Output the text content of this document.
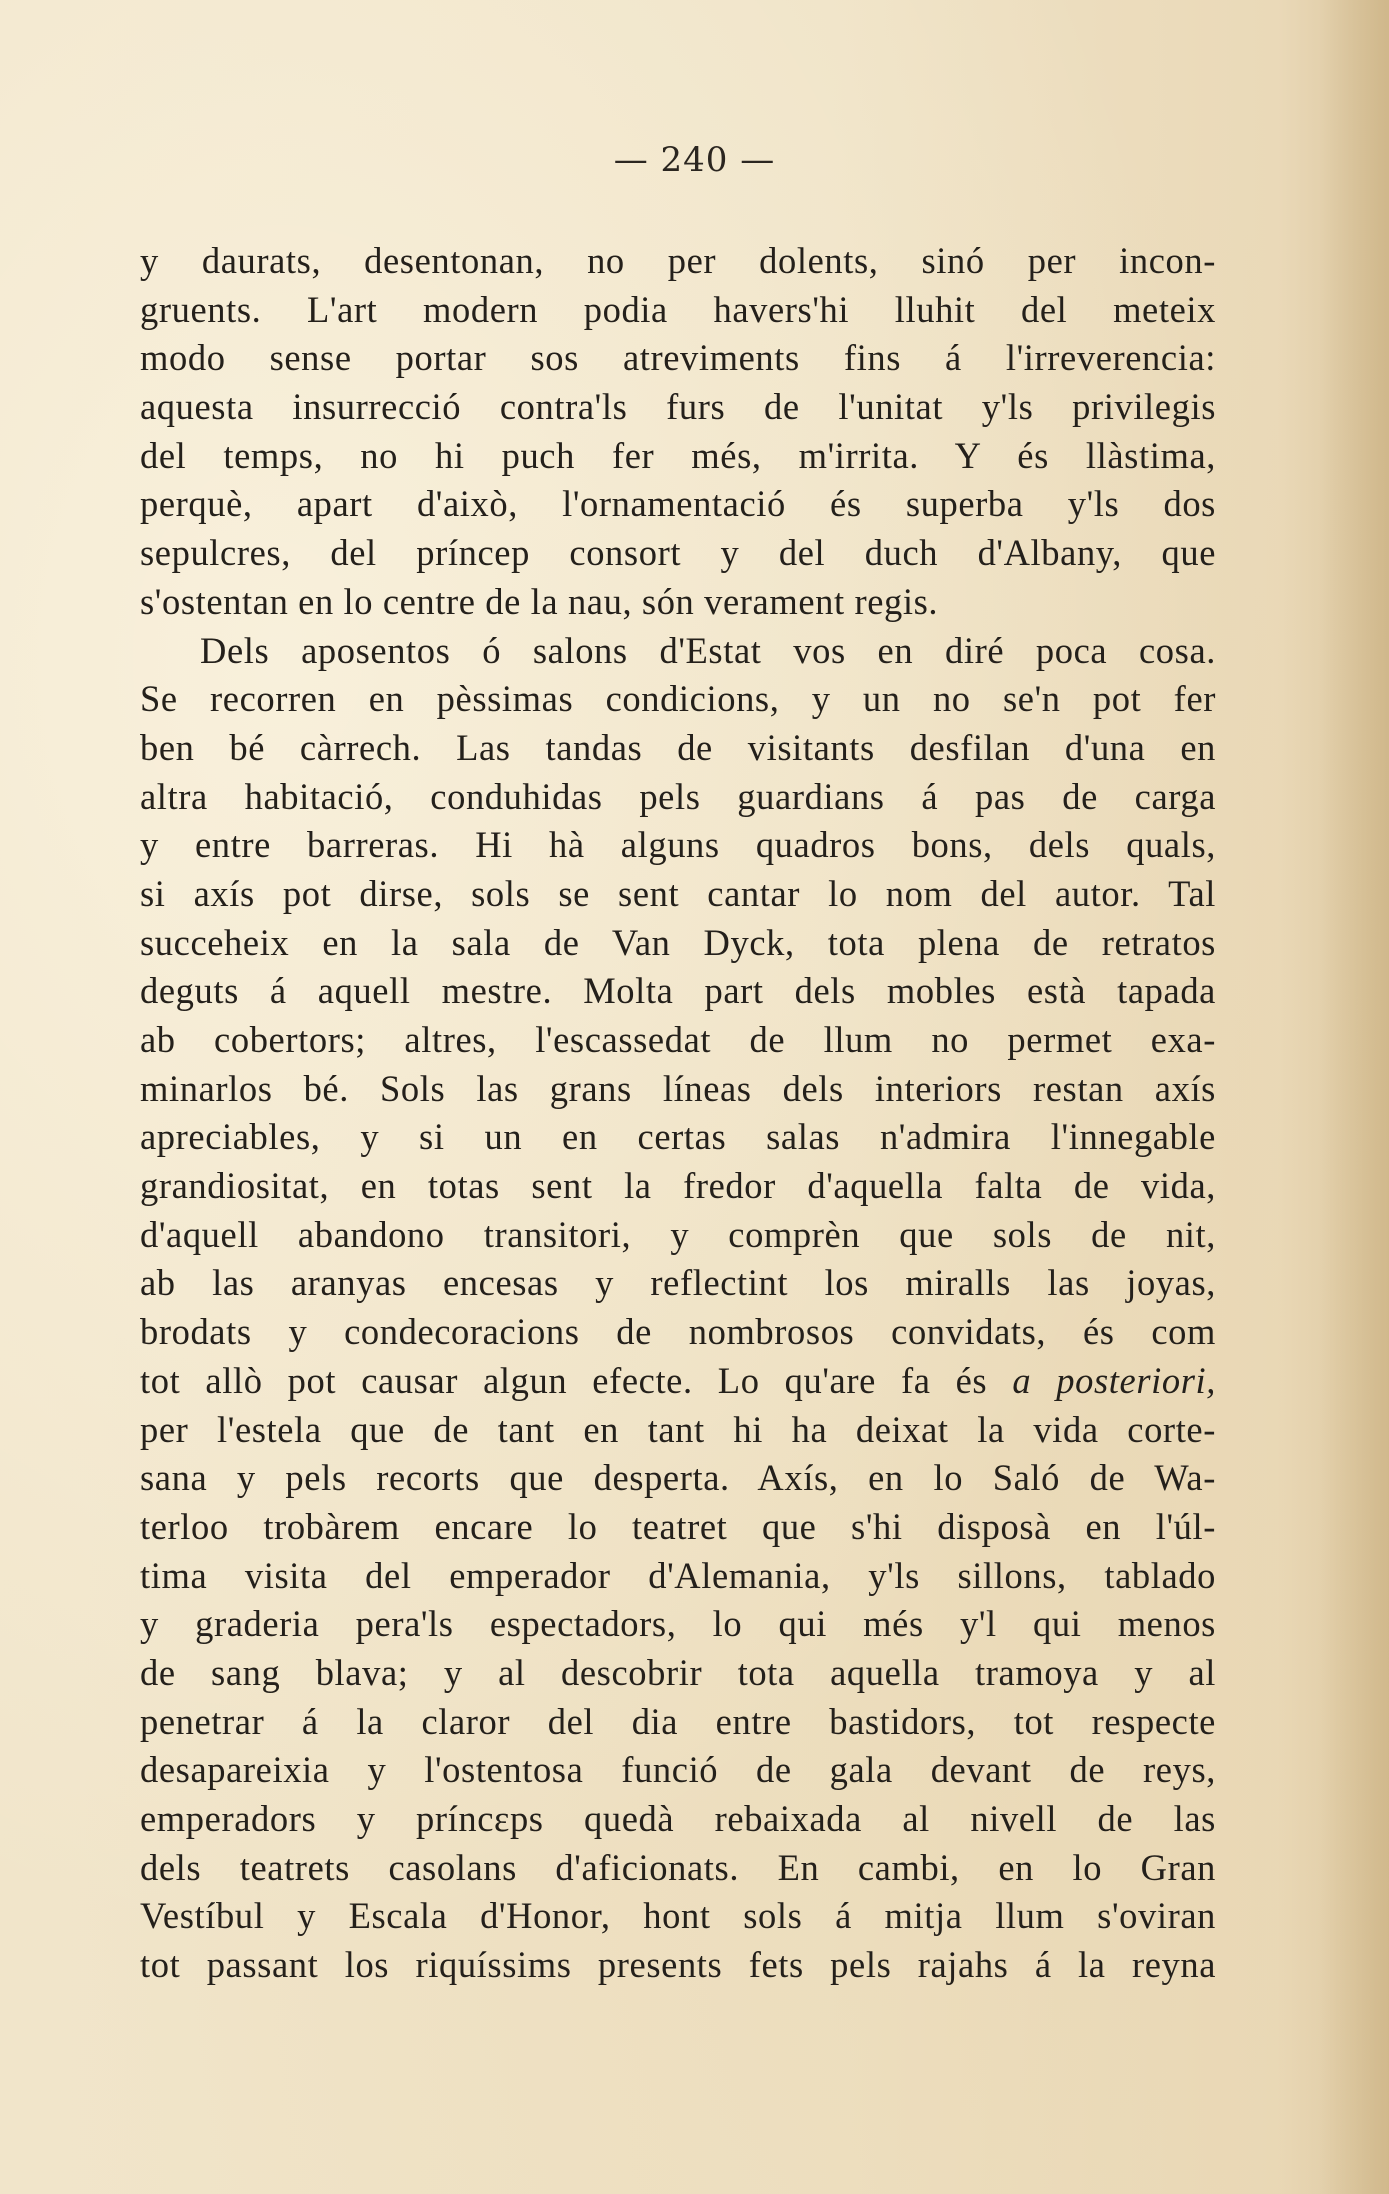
— 240 —
y daurats, desentonan, no per dolents, sinó per incon-
gruents. L'art modern podia havers'hi lluhit del meteix
modo sense portar sos atreviments fins á l'irreverencia:
aquesta insurrecció contra'ls furs de l'unitat y'ls privilegis
del temps, no hi puch fer més, m'irrita. Y és llàstima,
perquè, apart d'això, l'ornamentació és superba y'ls dos
sepulcres, del príncep consort y del duch d'Albany, que
s'ostentan en lo centre de la nau, són verament regis.
Dels aposentos ó salons d'Estat vos en diré poca cosa.
Se recorren en pèssimas condicions, y un no se'n pot fer
ben bé càrrech. Las tandas de visitants desfilan d'una en
altra habitació, conduhidas pels guardians á pas de carga
y entre barreras. Hi hà alguns quadros bons, dels quals,
si axís pot dirse, sols se sent cantar lo nom del autor. Tal
succeheix en la sala de Van Dyck, tota plena de retratos
deguts á aquell mestre. Molta part dels mobles està tapada
ab cobertors; altres, l'escassedat de llum no permet exa-
minarlos bé. Sols las grans líneas dels interiors restan axís
apreciables, y si un en certas salas n'admira l'innegable
grandiositat, en totas sent la fredor d'aquella falta de vida,
d'aquell abandono transitori, y comprèn que sols de nit,
ab las aranyas encesas y reflectint los miralls las joyas,
brodats y condecoracions de nombrosos convidats, és com
tot allò pot causar algun efecte. Lo qu'are fa és a posteriori,
per l'estela que de tant en tant hi ha deixat la vida corte-
sana y pels recorts que desperta. Axís, en lo Saló de Wa-
terloo trobàrem encare lo teatret que s'hi disposà en l'úl-
tima visita del emperador d'Alemania, y'ls sillons, tablado
y graderia pera'ls espectadors, lo qui més y'l qui menos
de sang blava; y al descobrir tota aquella tramoya y al
penetrar á la claror del dia entre bastidors, tot respecte
desapareixia y l'ostentosa funció de gala devant de reys,
emperadors y príncεps quedà rebaixada al nivell de las
dels teatrets casolans d'aficionats. En cambi, en lo Gran
Vestíbul y Escala d'Honor, hont sols á mitja llum s'oviran
tot passant los riquíssims presents fets pels rajahs á la reyna
